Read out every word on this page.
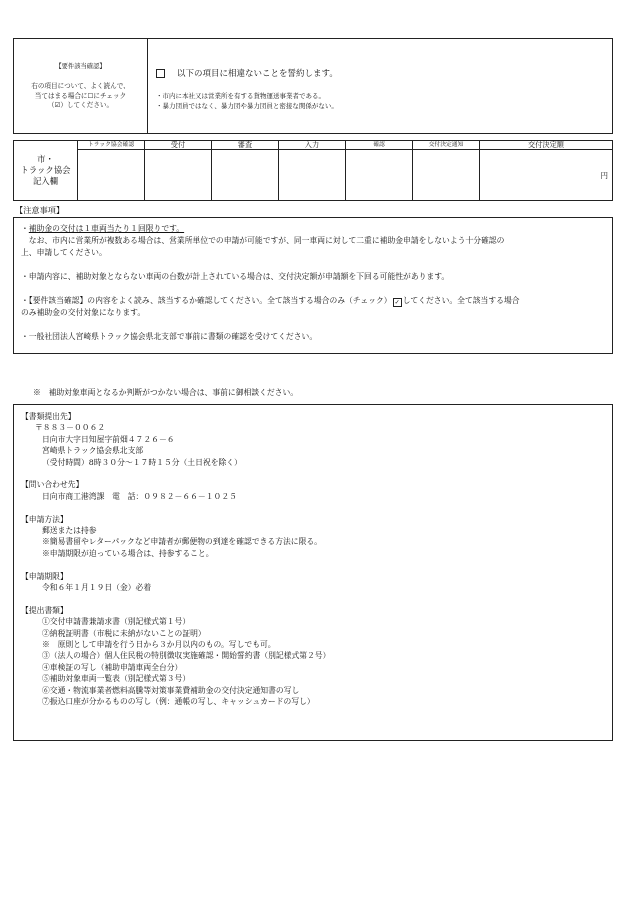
【要件該当確認】
右の項目について、よく読んで、
当てはまる場合に☐にチェック
（☑）してください。
以下の項目に相違ないことを誓約します。
・市内に本社又は営業所を有する貨物運送事業者である。
・暴力団員ではなく、暴力団や暴力団員と密接な関係がない。
市・
トラック協会
記入欄	トラック協会確認	受付	審査	入力	確認	交付決定通知	交付決定額
							円
【注意事項】

・補助金の交付は１車両当たり１回限りです。

　なお、市内に営業所が複数ある場合は、営業所単位での申請が可能ですが、同一車両に対して二重に補助金申請をしないよう十分確認の

上、申請してください。

・申請内容に、補助対象とならない車両の台数が計上されている場合は、交付決定額が申請額を下回る可能性があります。

・【要件該当確認】の内容をよく読み、該当するか確認してください。全て該当する場合のみ（チェック） ✓ してください。全て該当する場合

のみ補助金の交付対象になります。

・一般社団法人宮崎県トラック協会県北支部で事前に書類の確認を受けてください。

※　補助対象車両となるか判断がつかない場合は、事前に御相談ください。
【書類提出先】
〒８８３－００６２
日向市大字日知屋字前畑４７２６－６
宮崎県トラック協会県北支部
（受付時間）8時３０分～１７時１５分（土日祝を除く）
【問い合わせ先】
日向市商工港湾課　電　話：０９８２－６６－１０２５
【申請方法】
郵送または持参
※簡易書留やレターパックなど申請者が郵便物の到達を確認できる方法に限る。
※申請期限が迫っている場合は、持参すること。
【申請期限】
令和６年１月１９日（金）必着
【提出書類】
①交付申請書兼請求書（別記様式第１号）
②納税証明書（市税に未納がないことの証明）
※　原則として申請を行う日から３か月以内のもの。写しでも可。
③（法人の場合）個人住民税の特別徴収実施確認・開始誓約書（別記様式第２号）
④車検証の写し（補助申請車両全台分）
⑤補助対象車両一覧表（別記様式第３号）
⑥交通・物流事業者燃料高騰等対策事業費補助金の交付決定通知書の写し
⑦振込口座が分かるものの写し（例：通帳の写し、キャッシュカードの写し）
